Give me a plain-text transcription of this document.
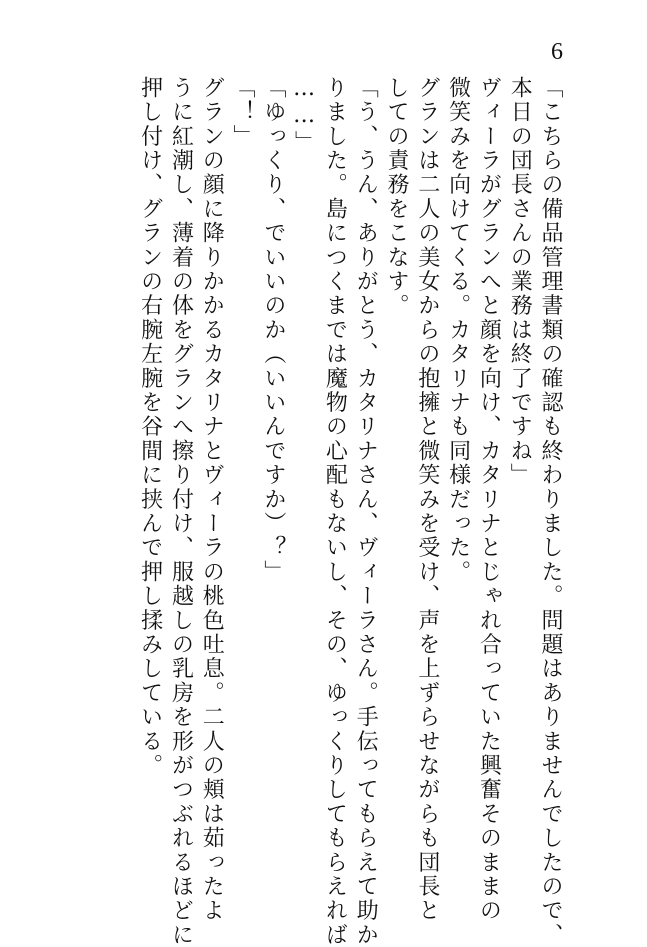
6
「こちらの備品管理書類の確認も終わりました。問題はありませんでしたので、
本日の団長さんの業務は終了ですね」
ヴィーラがグランへと顔を向け、カタリナとじゃれ合っていた興奮そのままの
微笑みを向けてくる。カタリナも同様だった。
グランは二人の美女からの抱擁と微笑みを受け、声を上ずらせながらも団長と
しての責務をこなす。
「う、うん、ありがとう、カタリナさん、ヴィーラさん。手伝ってもらえて助か
りました。島につくまでは魔物の心配もないし、その、ゆっくりしてもらえれば
……」
「ゆっくり、でいいのか（いいんですか）？」
「！」
グランの顔に降りかかるカタリナとヴィーラの桃色吐息。二人の頬は茹ったよ
うに紅潮し、薄着の体をグランへ擦り付け、服越しの乳房を形がつぶれるほどに
押し付け、グランの右腕左腕を谷間に挟んで押し揉みしている。
